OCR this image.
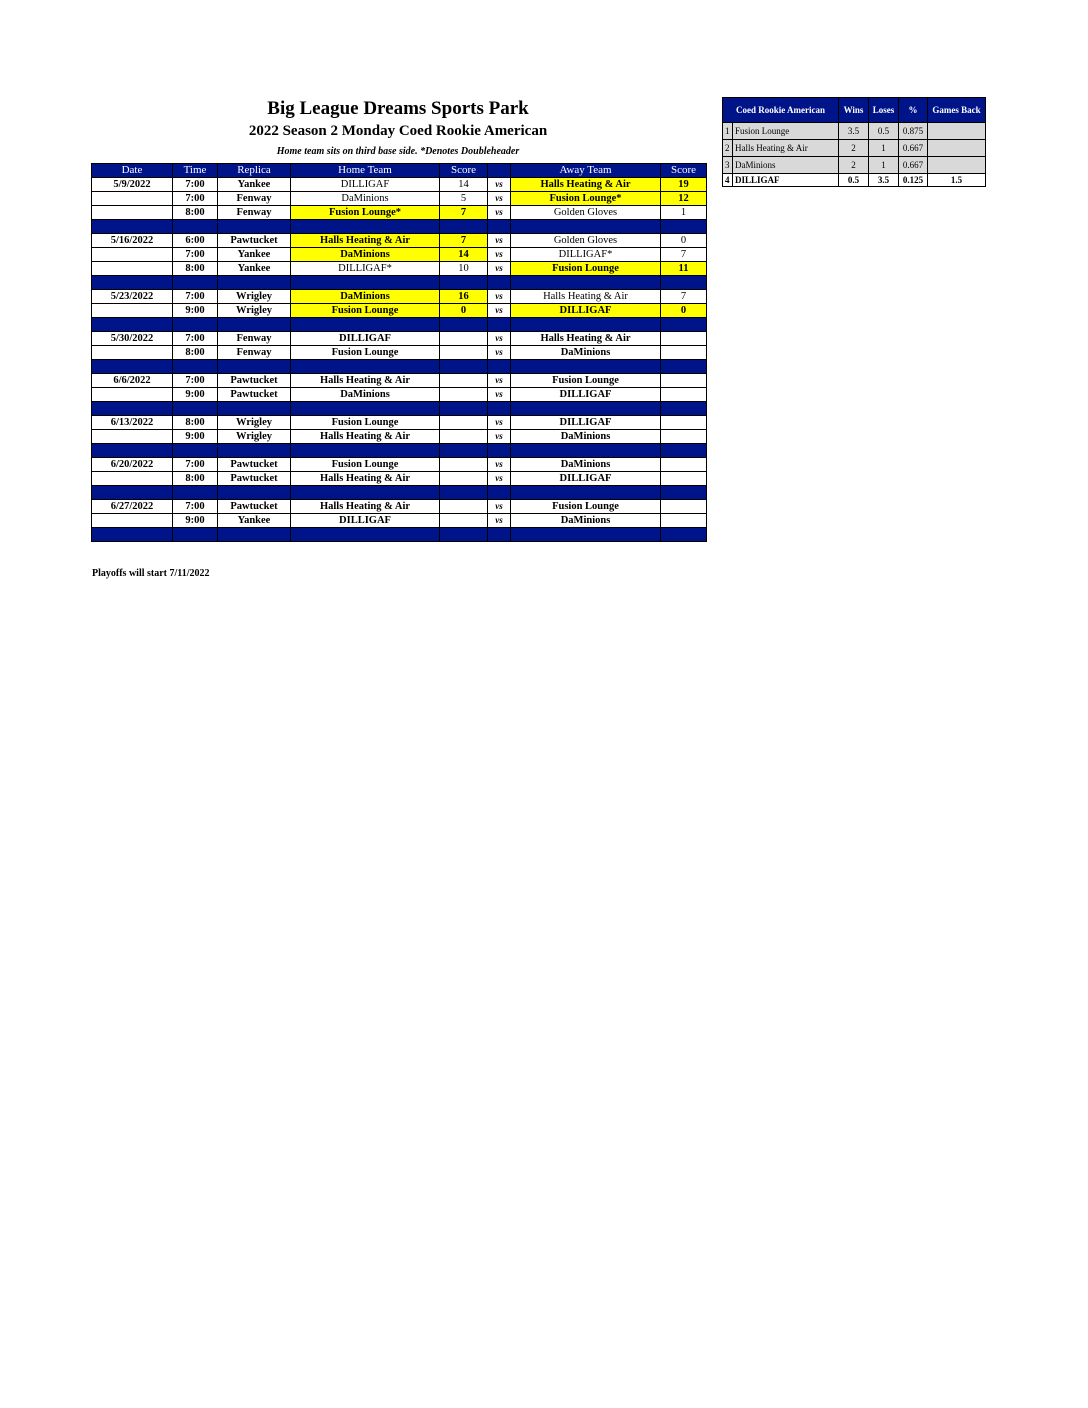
Big League Dreams Sports Park
2022 Season 2 Monday Coed Rookie American
Home team sits on third base side. *Denotes Doubleheader
Date	Time	Replica	Home Team	Score		Away Team	Score
5/9/2022	7:00	Yankee	DILLIGAF	14	vs	Halls Heating & Air	19
	7:00	Fenway	DaMinions	5	vs	Fusion Lounge*	12
	8:00	Fenway	Fusion Lounge*	7	vs	Golden Gloves	1

5/16/2022	6:00	Pawtucket	Halls Heating & Air	7	vs	Golden Gloves	0
	7:00	Yankee	DaMinions	14	vs	DILLIGAF*	7
	8:00	Yankee	DILLIGAF*	10	vs	Fusion Lounge	11

5/23/2022	7:00	Wrigley	DaMinions	16	vs	Halls Heating & Air	7
	9:00	Wrigley	Fusion Lounge	0	vs	DILLIGAF	0

5/30/2022	7:00	Fenway	DILLIGAF		vs	Halls Heating & Air	
	8:00	Fenway	Fusion Lounge		vs	DaMinions	

6/6/2022	7:00	Pawtucket	Halls Heating & Air		vs	Fusion Lounge	
	9:00	Pawtucket	DaMinions		vs	DILLIGAF	

6/13/2022	8:00	Wrigley	Fusion Lounge		vs	DILLIGAF	
	9:00	Wrigley	Halls Heating & Air		vs	DaMinions	

6/20/2022	7:00	Pawtucket	Fusion Lounge		vs	DaMinions	
	8:00	Pawtucket	Halls Heating & Air		vs	DILLIGAF	

6/27/2022	7:00	Pawtucket	Halls Heating & Air		vs	Fusion Lounge	
	9:00	Yankee	DILLIGAF		vs	DaMinions	

Playoffs will start 7/11/2022
Coed Rookie American		Wins	Loses	%	Games Back
1	Fusion Lounge	3.5	0.5	0.875	
2	Halls Heating & Air	2	1	0.667	
3	DaMinions	2	1	0.667	
4	DILLIGAF	0.5	3.5	0.125	1.5
